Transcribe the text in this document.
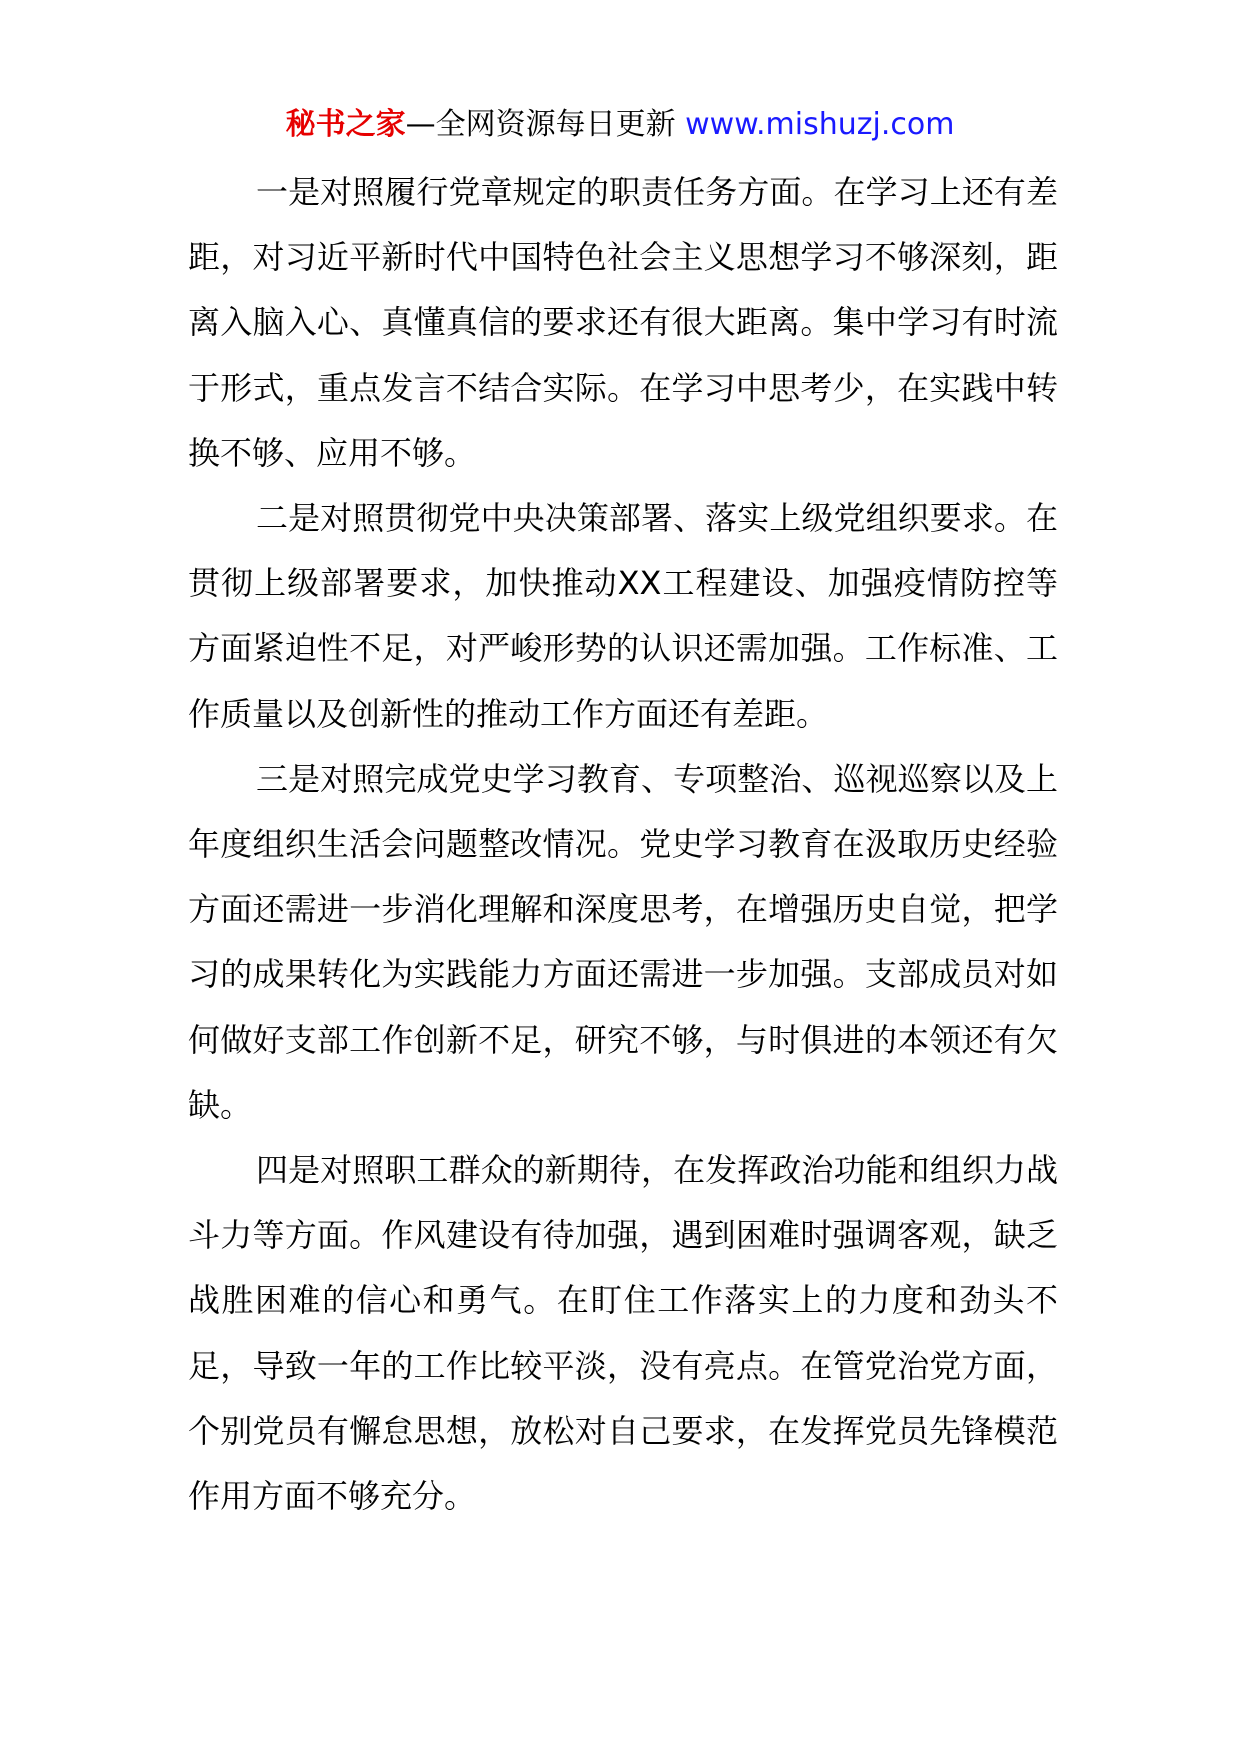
秘书之家—全网资源每日更新 www.mishuzj.com

一是对照履行党章规定的职责任务方面。在学习上还有差距，对习近平新时代中国特色社会主义思想学习不够深刻，距离入脑入心、真懂真信的要求还有很大距离。集中学习有时流于形式，重点发言不结合实际。在学习中思考少，在实践中转换不够、应用不够。

二是对照贯彻党中央决策部署、落实上级党组织要求。在贯彻上级部署要求，加快推动XX工程建设、加强疫情防控等方面紧迫性不足，对严峻形势的认识还需加强。工作标准、工作质量以及创新性的推动工作方面还有差距。

三是对照完成党史学习教育、专项整治、巡视巡察以及上年度组织生活会问题整改情况。党史学习教育在汲取历史经验方面还需进一步消化理解和深度思考，在增强历史自觉，把学习的成果转化为实践能力方面还需进一步加强。支部成员对如何做好支部工作创新不足，研究不够，与时俱进的本领还有欠缺。

四是对照职工群众的新期待，在发挥政治功能和组织力战斗力等方面。作风建设有待加强，遇到困难时强调客观，缺乏战胜困难的信心和勇气。在盯住工作落实上的力度和劲头不足，导致一年的工作比较平淡，没有亮点。在管党治党方面，个别党员有懈怠思想，放松对自己要求，在发挥党员先锋模范作用方面不够充分。
